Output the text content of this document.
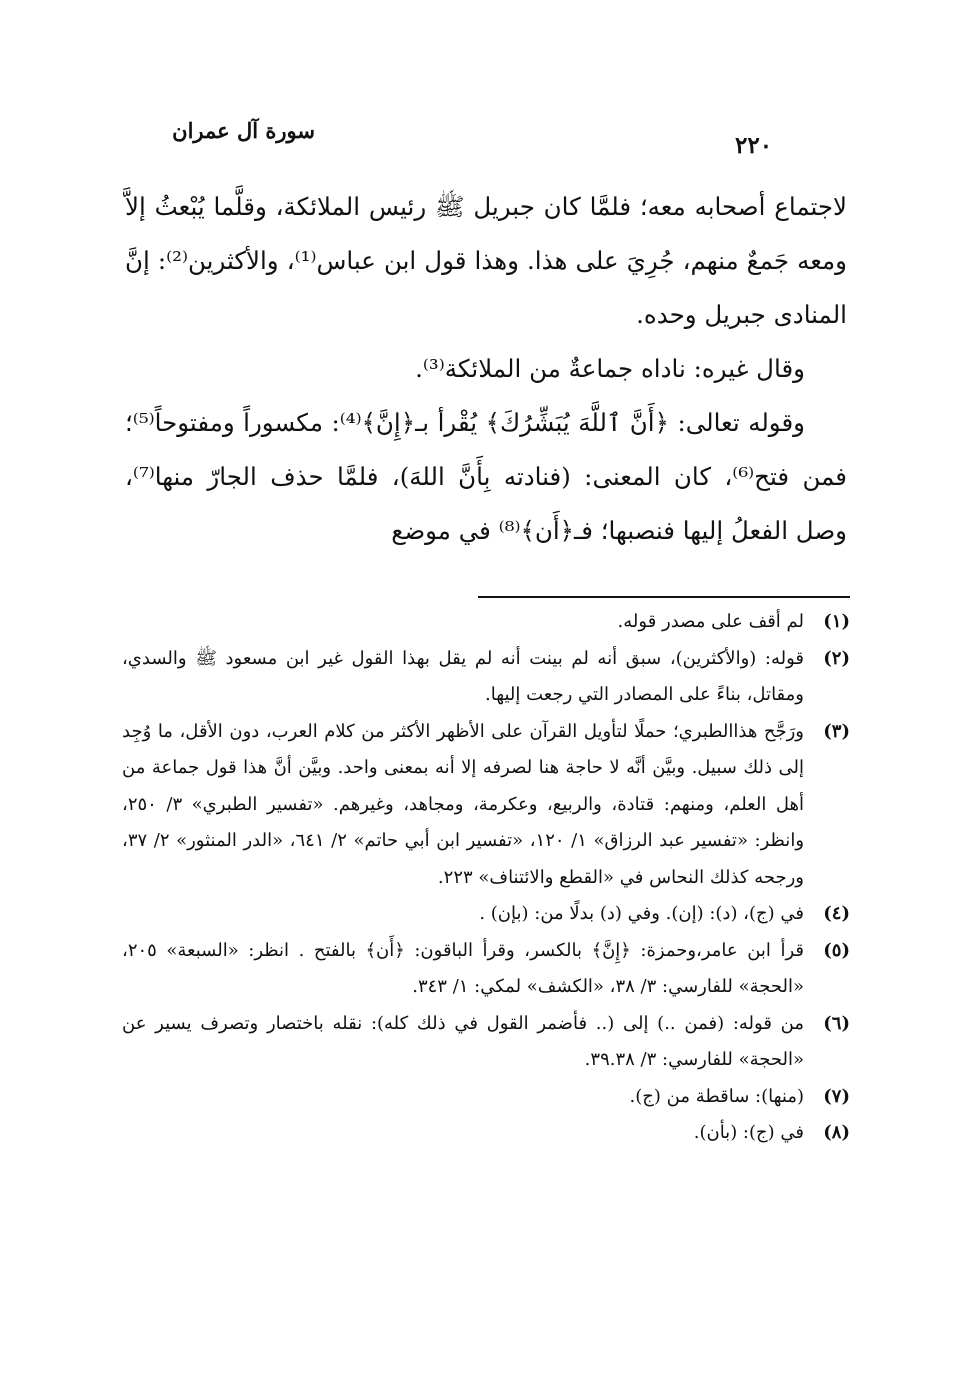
سورة آل عمران
٢٢٠

لاجتماع أصحابه معه؛ فلمَّا كان جبريل ﷺ رئيس الملائكة، وقلَّما يُبْعثُ إلاَّ ومعه جَمعٌ منهم، جُرِيَ على هذا. وهذا قول ابن عباس⁽¹⁾، والأكثرين⁽²⁾: إنَّ المنادى جبريل وحده.

وقال غيره: ناداه جماعةٌ من الملائكة⁽³⁾.

وقوله تعالى: ﴿أَنَّ ٱللَّهَ يُبَشِّرُكَ﴾ يُقْرأ بـ﴿إِنَّ﴾⁽⁴⁾: مكسوراً ومفتوحاً⁽⁵⁾؛ فمن فتح⁽⁶⁾، كان المعنى: (فنادته بِأَنَّ اللهَ)، فلمَّا حذف الجارّ منها⁽⁷⁾، وصل الفعلُ إليها فنصبها؛ فـ﴿أَن﴾⁽⁸⁾ في موضع

(١)
لم أقف على مصدر قوله.
(٢)
قوله: (والأكثرين)، سبق أنه لم بينت أنه لم يقل بهذا القول غير ابن مسعود ﷺ والسدي، ومقاتل، بناءً على المصادر التي رجعت إليها.
(٣)
ورَجَّح هذاالطبري؛ حملًا لتأويل القرآن على الأظهر الأكثر من كلام العرب، دون الأقل، ما وُجِد إلى ذلك سبيل. وبيَّن أنَّه لا حاجة هنا لصرفه إلا أنه بمعنى واحد. وبيَّن أنَّ هذا قول جماعة من أهل العلم، ومنهم: قتادة، والربيع، وعكرمة، ومجاهد، وغيرهم. «تفسير الطبري» ٣/ ٢٥٠، وانظر: «تفسير عبد الرزاق» ١/ ١٢٠، «تفسير ابن أبي حاتم» ٢/ ٦٤١، «الدر المنثور» ٢/ ٣٧، ورجحه كذلك النحاس في «القطع والائتناف» ٢٢٣.
(٤)
في (ج)، (د): (إن). وفي (د) بدلًا من: (بإن) .
(٥)
قرأ ابن عامر،وحمزة: ﴿إِنَّ﴾ بالكسر، وقرأ الباقون: ﴿أَن﴾ بالفتح . انظر: «السبعة» ٢٠٥، «الحجة» للفارسي: ٣/ ٣٨، «الكشف» لمكي: ١/ ٣٤٣.
(٦)
من قوله: (فمن ..) إلى (.. فأضمر القول في ذلك كله): نقله باختصار وتصرف يسير عن «الحجة» للفارسي: ٣/ ٣٩.٣٨.
(٧)
(منها): ساقطة من (ج).
(٨)
في (ج): (بأن).
